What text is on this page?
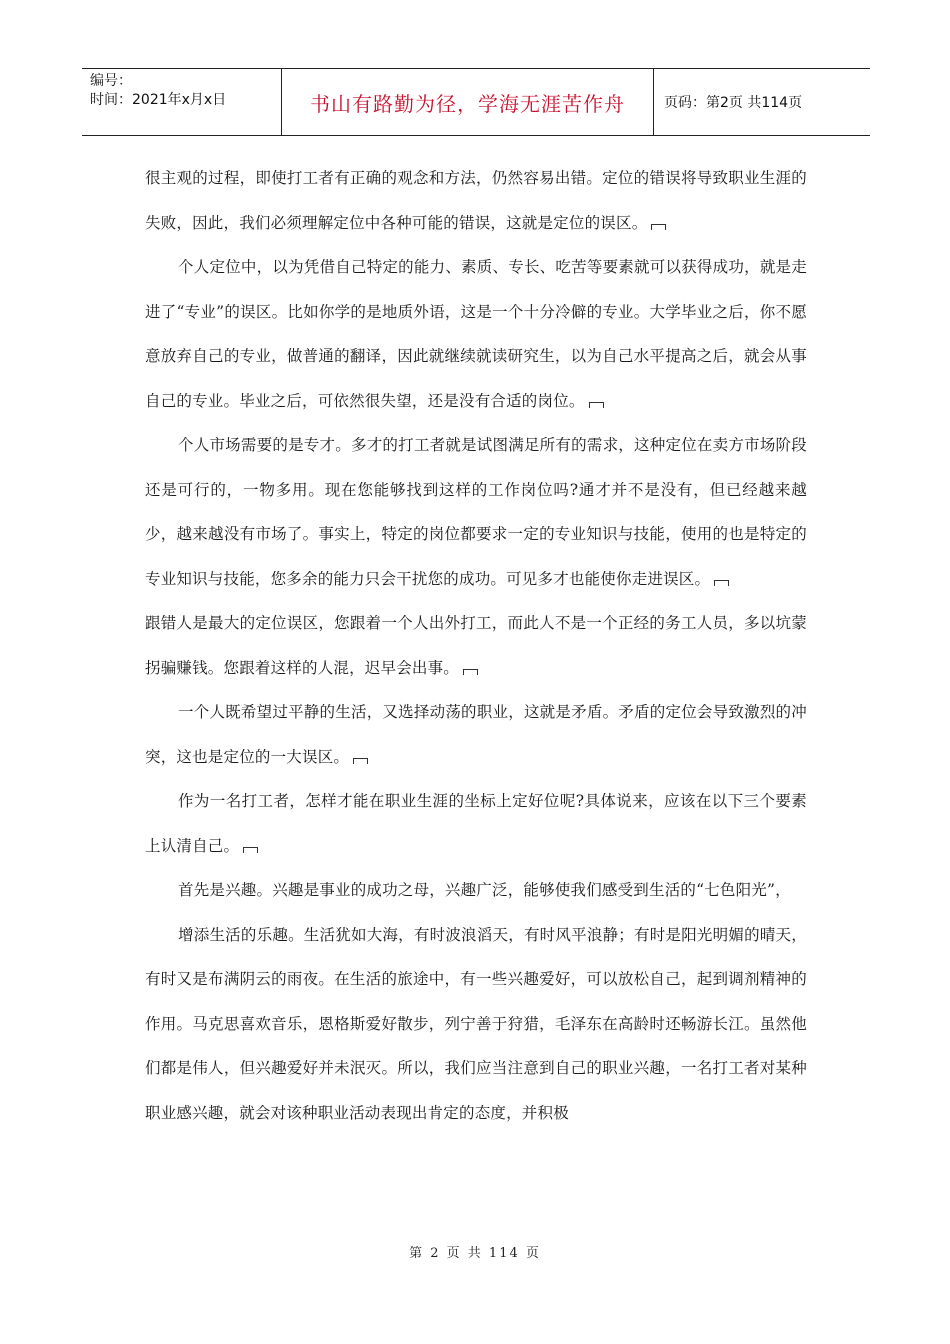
编号：
时间：2021年x月x日	书山有路勤为径，学海无涯苦作舟	页码：第2页 共114页

很主观的过程，即使打工者有正确的观念和方法，仍然容易出错。定位的错误将导致职业生涯的失败，因此，我们必须理解定位中各种可能的错误，这就是定位的误区。

个人定位中，以为凭借自己特定的能力、素质、专长、吃苦等要素就可以获得成功，就是走进了“专业”的误区。比如你学的是地质外语，这是一个十分冷僻的专业。大学毕业之后，你不愿意放弃自己的专业，做普通的翻译，因此就继续就读研究生，以为自己水平提高之后，就会从事自己的专业。毕业之后，可依然很失望，还是没有合适的岗位。

个人市场需要的是专才。多才的打工者就是试图满足所有的需求，这种定位在卖方市场阶段还是可行的，一物多用。现在您能够找到这样的工作岗位吗?通才并不是没有，但已经越来越少，越来越没有市场了。事实上，特定的岗位都要求一定的专业知识与技能，使用的也是特定的专业知识与技能，您多余的能力只会干扰您的成功。可见多才也能使你走进误区。

跟错人是最大的定位误区，您跟着一个人出外打工，而此人不是一个正经的务工人员，多以坑蒙拐骗赚钱。您跟着这样的人混，迟早会出事。

一个人既希望过平静的生活，又选择动荡的职业，这就是矛盾。矛盾的定位会导致激烈的冲突，这也是定位的一大误区。

作为一名打工者，怎样才能在职业生涯的坐标上定好位呢?具体说来，应该在以下三个要素上认清自己。

首先是兴趣。兴趣是事业的成功之母，兴趣广泛，能够使我们感受到生活的“七色阳光”，

增添生活的乐趣。生活犹如大海，有时波浪滔天，有时风平浪静；有时是阳光明媚的晴天，有时又是布满阴云的雨夜。在生活的旅途中，有一些兴趣爱好，可以放松自己，起到调剂精神的作用。马克思喜欢音乐，恩格斯爱好散步，列宁善于狩猎，毛泽东在高龄时还畅游长江。虽然他们都是伟人，但兴趣爱好并未泯灭。所以，我们应当注意到自己的职业兴趣，一名打工者对某种职业感兴趣，就会对该种职业活动表现出肯定的态度，并积极

第 2 页 共 114 页
